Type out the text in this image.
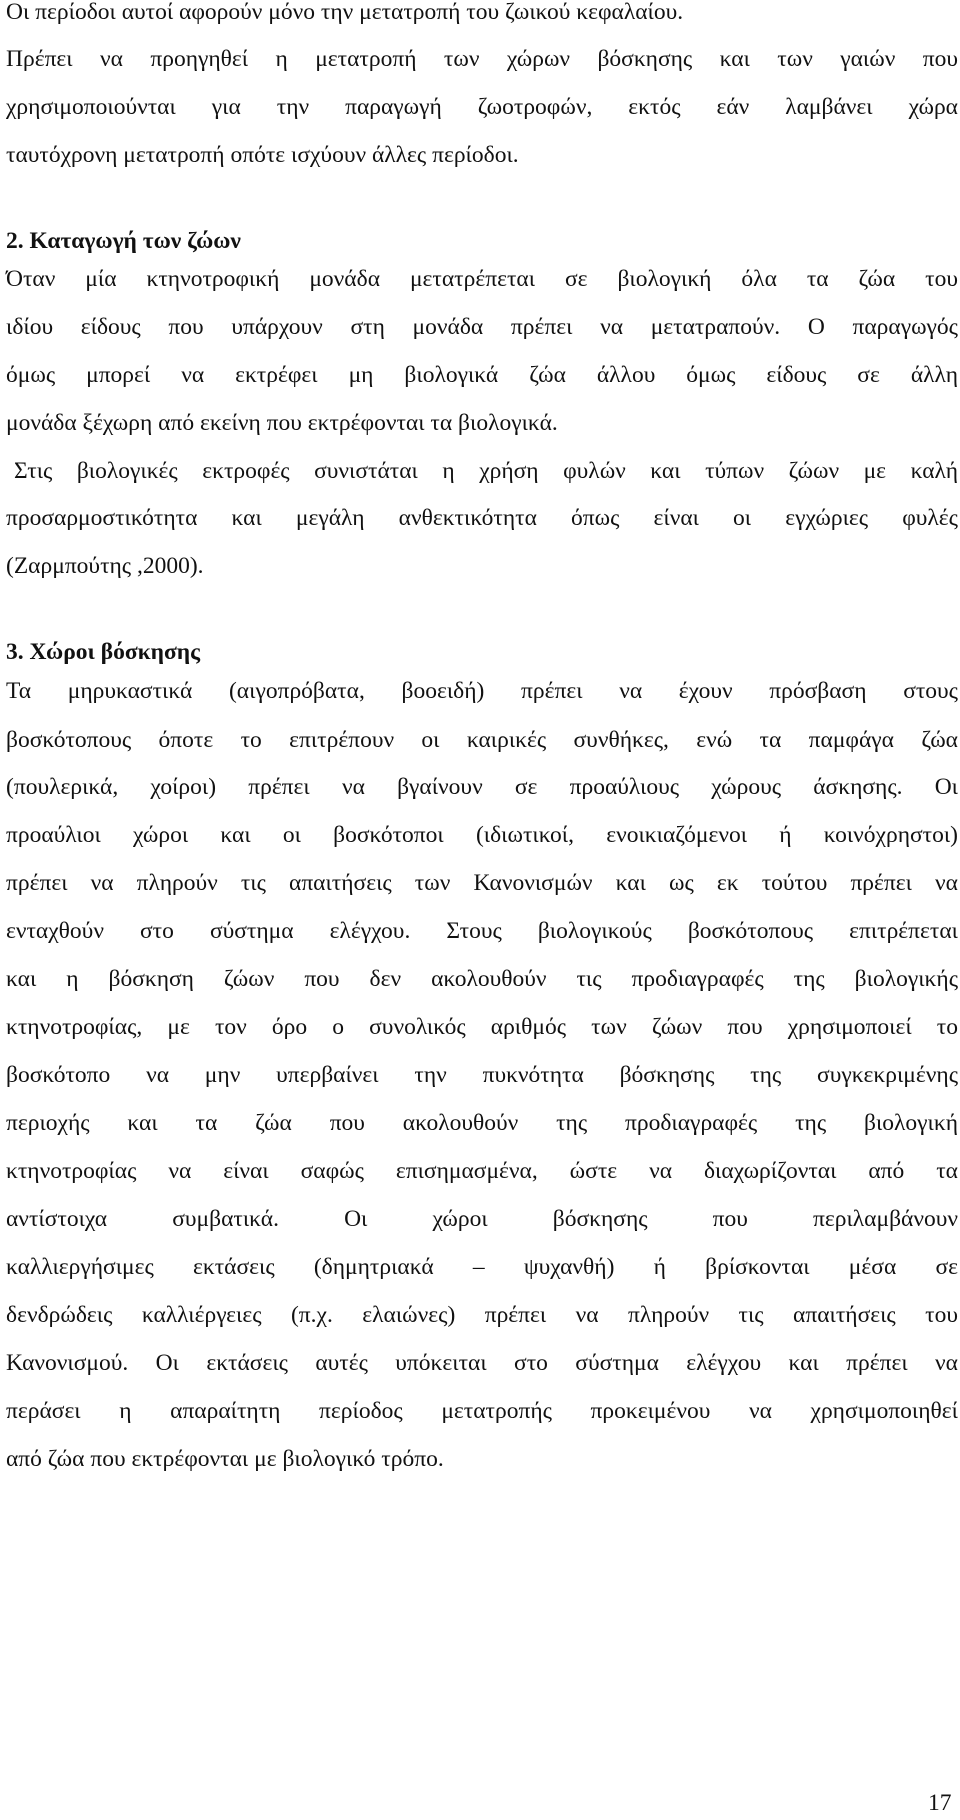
Οι περίοδοι αυτοί αφορούν μόνο την μετατροπή του ζωικού κεφαλαίου.

Πρέπει να προηγηθεί η μετατροπή των χώρων βόσκησης και των γαιών που

χρησιμοποιούνται για την παραγωγή ζωοτροφών, εκτός εάν λαμβάνει χώρα

ταυτόχρονη μετατροπή οπότε ισχύουν άλλες περίοδοι.

2. Καταγωγή των ζώων

Όταν μία κτηνοτροφική μονάδα μετατρέπεται σε βιολογική όλα τα ζώα του

ιδίου είδους που υπάρχουν στη μονάδα πρέπει να μετατραπούν. Ο παραγωγός

όμως μπορεί να εκτρέφει μη βιολογικά ζώα άλλου όμως είδους σε άλλη

μονάδα ξέχωρη από εκείνη που εκτρέφονται τα βιολογικά.

Στις βιολογικές εκτροφές συνιστάται η χρήση φυλών και τύπων ζώων με καλή

προσαρμοστικότητα και μεγάλη ανθεκτικότητα όπως είναι οι εγχώριες φυλές

(Ζαρμπούτης ,2000).

3. Χώροι βόσκησης

Τα μηρυκαστικά (αιγοπρόβατα, βοοειδή) πρέπει να έχουν πρόσβαση στους

βοσκότοπους όποτε το επιτρέπουν οι καιρικές συνθήκες, ενώ τα παμφάγα ζώα

(πουλερικά, χοίροι) πρέπει να βγαίνουν σε προαύλιους χώρους άσκησης. Οι

προαύλιοι χώροι και οι βοσκότοποι (ιδιωτικοί, ενοικιαζόμενοι ή κοινόχρηστοι)

πρέπει να πληρούν τις απαιτήσεις των Κανονισμών και ως εκ τούτου πρέπει να

ενταχθούν στο σύστημα ελέγχου. Στους βιολογικούς βοσκότοπους επιτρέπεται

και η βόσκηση ζώων που δεν ακολουθούν τις προδιαγραφές της βιολογικής

κτηνοτροφίας, με τον όρο ο συνολικός αριθμός των ζώων που χρησιμοποιεί το

βοσκότοπο να μην υπερβαίνει την πυκνότητα βόσκησης της συγκεκριμένης

περιοχής και τα ζώα που ακολουθούν της προδιαγραφές της βιολογική

κτηνοτροφίας να είναι σαφώς επισημασμένα, ώστε να διαχωρίζονται από τα

αντίστοιχα συμβατικά. Οι χώροι βόσκησης που περιλαμβάνουν

καλλιεργήσιμες εκτάσεις (δημητριακά – ψυχανθή) ή βρίσκονται μέσα σε

δενδρώδεις καλλιέργειες (π.χ. ελαιώνες) πρέπει να πληρούν τις απαιτήσεις του

Κανονισμού. Οι εκτάσεις αυτές υπόκειται στο σύστημα ελέγχου και πρέπει να

περάσει η απαραίτητη περίοδος μετατροπής προκειμένου να χρησιμοποιηθεί

από ζώα που εκτρέφονται με βιολογικό τρόπο.

17
